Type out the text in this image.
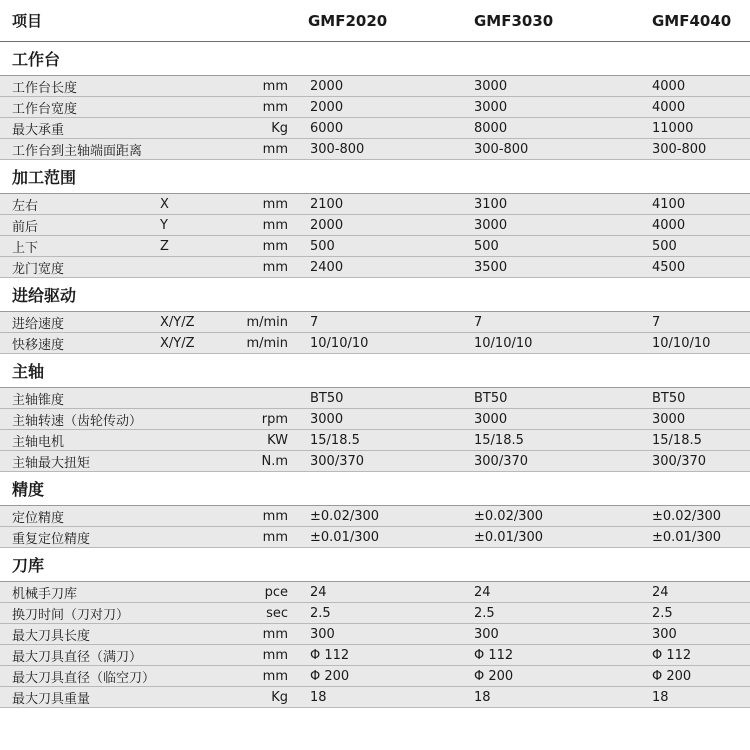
项目	GMF2020	GMF3030	GMF4040
工作台
工作台长度	mm 2000	3000	4000
工作台宽度	mm 2000	3000	4000
最大承重	Kg 6000	8000	11000
工作台到主轴端面距离	mm 300-800	300-800	300-800
加工范围
左右	X	mm 2100	3100	4100
前后	Y	mm 2000	3000	4000
上下	Z	mm 500	500	500
龙门宽度	mm 2400	3500	4500
进给驱动
进给速度	X/Y/Z	m/min 7	7	7
快移速度	X/Y/Z	m/min 10/10/10	10/10/10	10/10/10
主轴
主轴锥度	BT50	BT50	BT50
主轴转速（齿轮传动）	rpm 3000	3000	3000
主轴电机	KW 15/18.5	15/18.5	15/18.5
主轴最大扭矩	N.m 300/370	300/370	300/370
精度
定位精度	mm ±0.02/300	±0.02/300	±0.02/300
重复定位精度	mm ±0.01/300	±0.01/300	±0.01/300
刀库
机械手刀库	pce 24	24	24
换刀时间（刀对刀）	sec 2.5	2.5	2.5
最大刀具长度	mm 300	300	300
最大刀具直径（满刀）	mm Φ 112	Φ 112	Φ 112
最大刀具直径（临空刀）	mm Φ 200	Φ 200	Φ 200
最大刀具重量	Kg 18	18	18
